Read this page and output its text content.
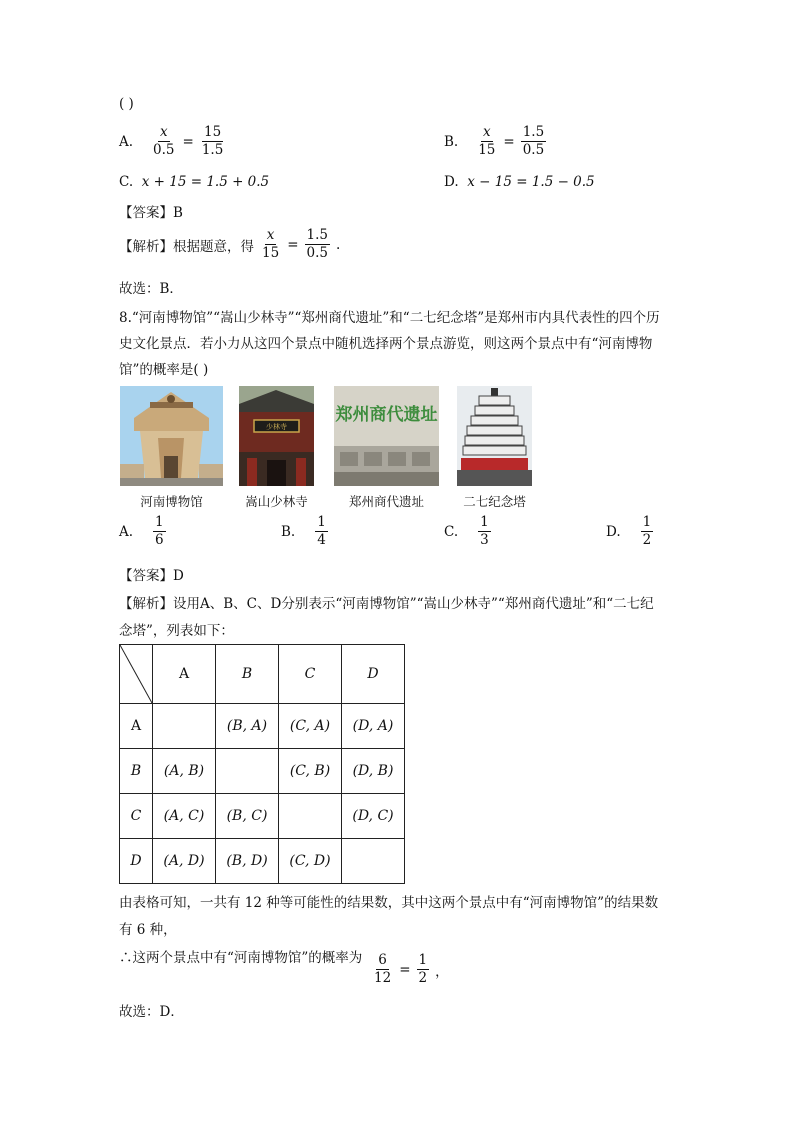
( )
A. $\frac{x}{0.5} = \frac{15}{1.5}$	B. $\frac{x}{15} = \frac{1.5}{0.5}$
C. x + 15 = 1.5 + 0.5	D. x − 15 = 1.5 − 0.5
【答案】B
【解析】根据题意，得 $\frac{x}{15} = \frac{1.5}{0.5}$ .
故选：B．
8.“河南博物馆”“嵩山少林寺”“郑州商代遗址”和“二七纪念塔”是郑州市内具代表性的四个历
史文化景点．若小力从这四个景点中随机选择两个景点游览，则这两个景点中有“河南博物
馆”的概率是( )
河南博物馆
少林寺
嵩山少林寺
郑州商代遗址
郑州商代遗址	二七纪念塔
A. $\frac{1}{6}$	B. $\frac{1}{4}$	C. $\frac{1}{3}$	D. $\frac{1}{2}$
【答案】D
【解析】设用A、B、C、D分别表示“河南博物馆”“嵩山少林寺”“郑州商代遗址”和“二七纪
念塔”，列表如下：
	A	B	C	D
A		(B, A)	(C, A)	(D, A)
B	(A, B)		(C, B)	(D, B)
C	(A, C)	(B, C)		(D, C)
D	(A, D)	(B, D)	(C, D)	
由表格可知，一共有 12 种等可能性的结果数，其中这两个景点中有“河南博物馆”的结果数
有 6 种，
∴这两个景点中有“河南博物馆”的概率为 $\frac{6}{12} = \frac{1}{2}$ ，
故选：D．
